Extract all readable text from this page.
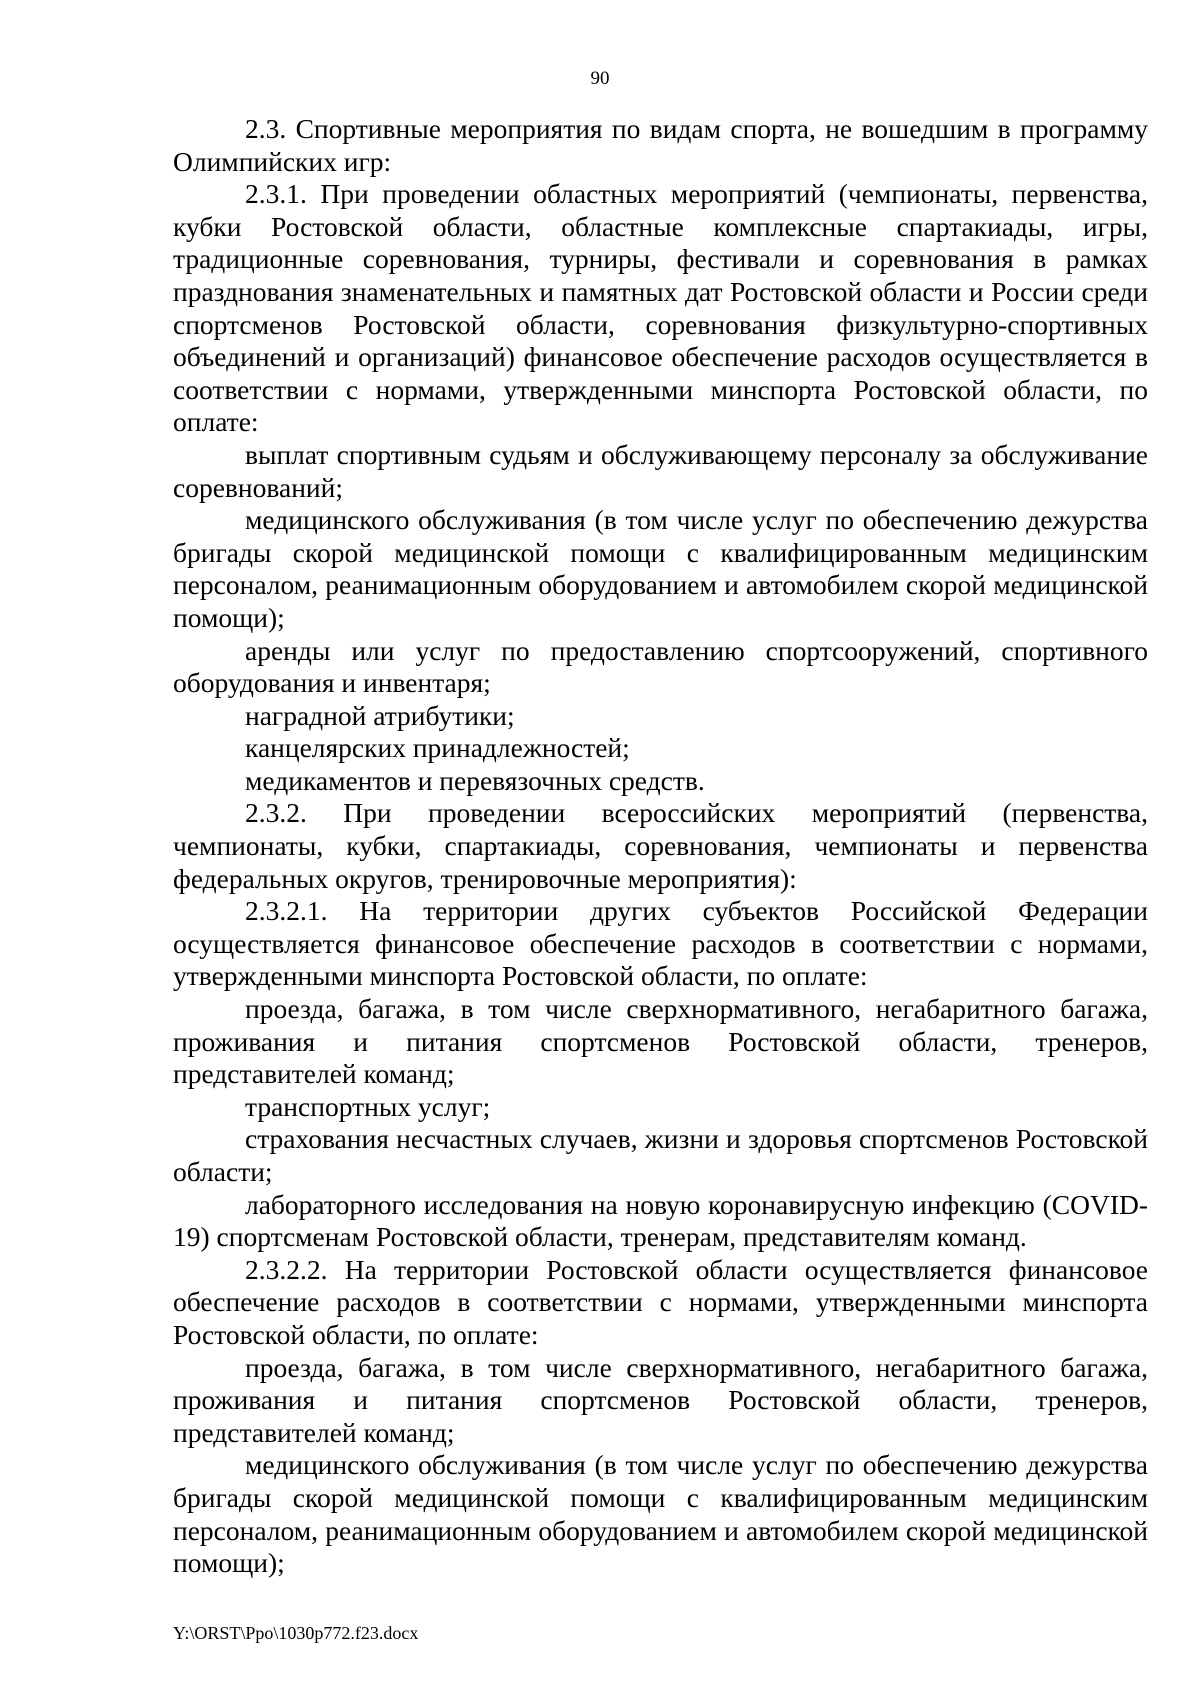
90

2.3. Спортивные мероприятия по видам спорта, не вошедшим в программу Олимпийских игр:

2.3.1. При проведении областных мероприятий (чемпионаты, первенства, кубки Ростовской области, областные комплексные спартакиады, игры, традиционные соревнования, турниры, фестивали и соревнования в рамках празднования знаменательных и памятных дат Ростовской области и России среди спортсменов Ростовской области, соревнования физкультурно-спортивных объединений и организаций) финансовое обеспечение расходов осуществляется в соответствии с нормами, утвержденными минспорта Ростовской области, по оплате:

выплат спортивным судьям и обслуживающему персоналу за обслуживание соревнований;

медицинского обслуживания (в том числе услуг по обеспечению дежурства бригады скорой медицинской помощи с квалифицированным медицинским персоналом, реанимационным оборудованием и автомобилем скорой медицинской помощи);

аренды или услуг по предоставлению спортсооружений, спортивного оборудования и инвентаря;

наградной атрибутики;

канцелярских принадлежностей;

медикаментов и перевязочных средств.

2.3.2. При проведении всероссийских мероприятий (первенства, чемпионаты, кубки, спартакиады, соревнования, чемпионаты и первенства федеральных округов, тренировочные мероприятия):

2.3.2.1. На территории других субъектов Российской Федерации осуществляется финансовое обеспечение расходов в соответствии с нормами, утвержденными минспорта Ростовской области, по оплате:

проезда, багажа, в том числе сверхнормативного, негабаритного багажа, проживания и питания спортсменов Ростовской области, тренеров, представителей команд;

транспортных услуг;

страхования несчастных случаев, жизни и здоровья спортсменов Ростовской области;

лабораторного исследования на новую коронавирусную инфекцию (COVID-19) спортсменам Ростовской области, тренерам, представителям команд.

2.3.2.2. На территории Ростовской области осуществляется финансовое обеспечение расходов в соответствии с нормами, утвержденными минспорта Ростовской области, по оплате:

проезда, багажа, в том числе сверхнормативного, негабаритного багажа, проживания и питания спортсменов Ростовской области, тренеров, представителей команд;

медицинского обслуживания (в том числе услуг по обеспечению дежурства бригады скорой медицинской помощи с квалифицированным медицинским персоналом, реанимационным оборудованием и автомобилем скорой медицинской помощи);

Y:\ORST\Ppo\1030p772.f23.docx
